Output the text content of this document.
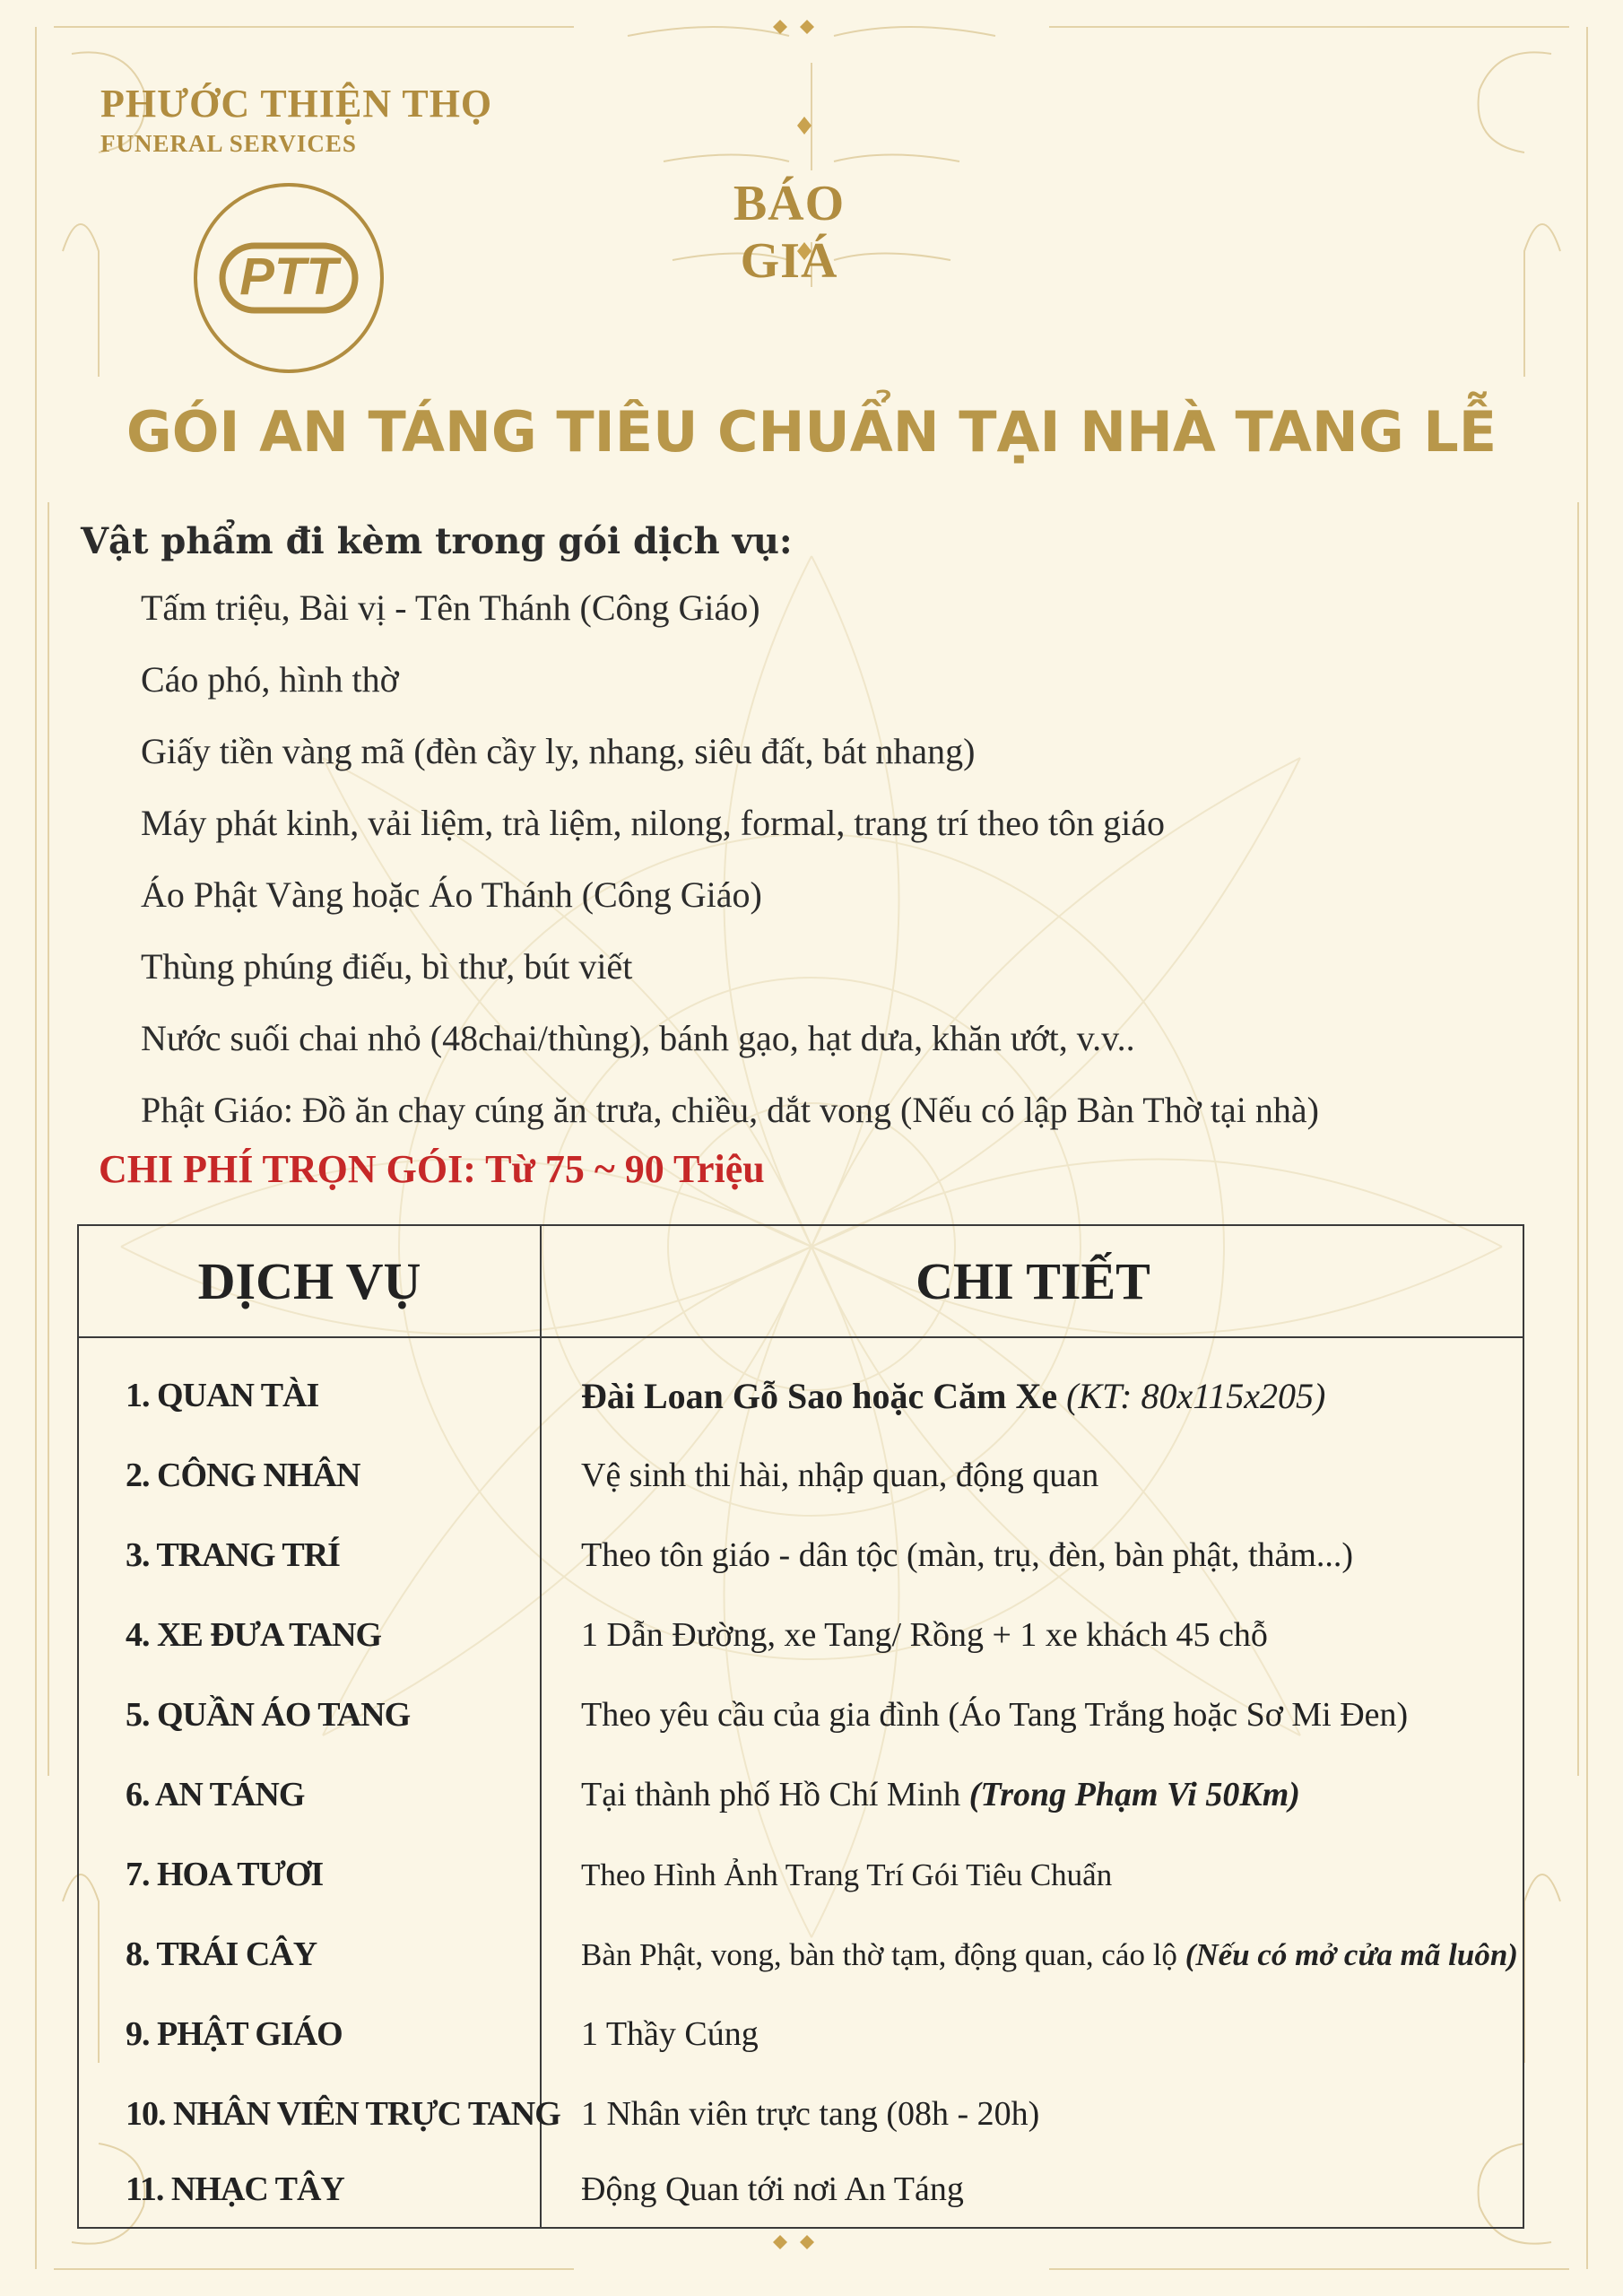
PHƯỚC THIỆN THỌ
FUNERAL SERVICES
PTT
BÁO GIÁ
GÓI AN TÁNG TIÊU CHUẨN TẠI NHÀ TANG LỄ
Vật phẩm đi kèm trong gói dịch vụ:
Tấm triệu, Bài vị - Tên Thánh (Công Giáo)
Cáo phó, hình thờ
Giấy tiền vàng mã (đèn cầy ly, nhang, siêu đất, bát nhang)
Máy phát kinh, vải liệm, trà liệm, nilong, formal, trang trí theo tôn giáo
Áo Phật Vàng hoặc Áo Thánh (Công Giáo)
Thùng phúng điếu, bì thư, bút viết
Nước suối chai nhỏ (48chai/thùng), bánh gạo, hạt dưa, khăn ướt, v.v..
Phật Giáo: Đồ ăn chay cúng ăn trưa, chiều, dắt vong (Nếu có lập Bàn Thờ tại nhà)
CHI PHÍ TRỌN GÓI: Từ 75 ~ 90 Triệu
DỊCH VỤ	CHI TIẾT
1. QUAN TÀI	Đài Loan Gỗ Sao hoặc Căm Xe (KT: 80x115x205)
2. CÔNG NHÂN	Vệ sinh thi hài, nhập quan, động quan
3. TRANG TRÍ	Theo tôn giáo - dân tộc (màn, trụ, đèn, bàn phật, thảm...)
4. XE ĐƯA TANG	1 Dẫn Đường, xe Tang/ Rồng + 1 xe khách 45 chỗ
5. QUẦN ÁO TANG	Theo yêu cầu của gia đình (Áo Tang Trắng hoặc Sơ Mi Đen)
6. AN TÁNG	Tại thành phố Hồ Chí Minh (Trong Phạm Vi 50Km)
7. HOA TƯƠI	Theo Hình Ảnh Trang Trí Gói Tiêu Chuẩn
8. TRÁI CÂY	Bàn Phật, vong, bàn thờ tạm, động quan, cáo lộ (Nếu có mở cửa mã luôn)
9. PHẬT GIÁO	1 Thầy Cúng
10. NHÂN VIÊN TRỰC TANG 1 Nhân viên trực tang (08h - 20h)
11. NHẠC TÂY	Động Quan tới nơi An Táng
